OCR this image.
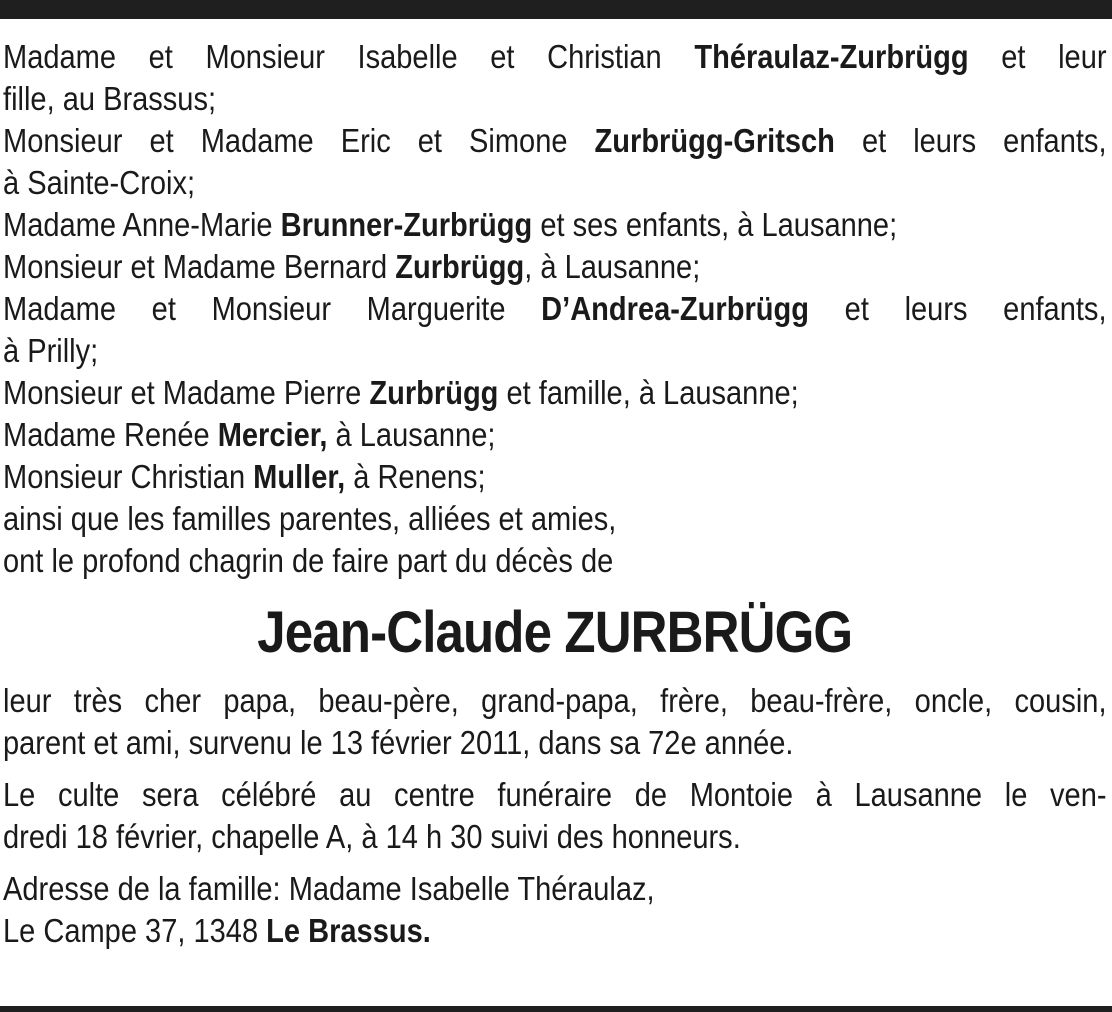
Madame et Monsieur Isabelle et Christian Théraulaz-Zurbrügg et leur
fille, au Brassus;
Monsieur et Madame Eric et Simone Zurbrügg-Gritsch et leurs enfants,
à Sainte-Croix;
Madame Anne-Marie Brunner-Zurbrügg et ses enfants, à Lausanne;
Monsieur et Madame Bernard Zurbrügg, à Lausanne;
Madame et Monsieur Marguerite D’Andrea-Zurbrügg et leurs enfants,
à Prilly;
Monsieur et Madame Pierre Zurbrügg et famille, à Lausanne;
Madame Renée Mercier, à Lausanne;
Monsieur Christian Muller, à Renens;
ainsi que les familles parentes, alliées et amies,
ont le profond chagrin de faire part du décès de
Jean-Claude ZURBRÜGG
leur très cher papa, beau-père, grand-papa, frère, beau-frère, oncle, cousin,
parent et ami, survenu le 13 février 2011, dans sa 72e année.
Le culte sera célébré au centre funéraire de Montoie à Lausanne le ven-
dredi 18 février, chapelle A, à 14 h 30 suivi des honneurs.
Adresse de la famille: Madame Isabelle Théraulaz,
Le Campe 37, 1348 Le Brassus.
